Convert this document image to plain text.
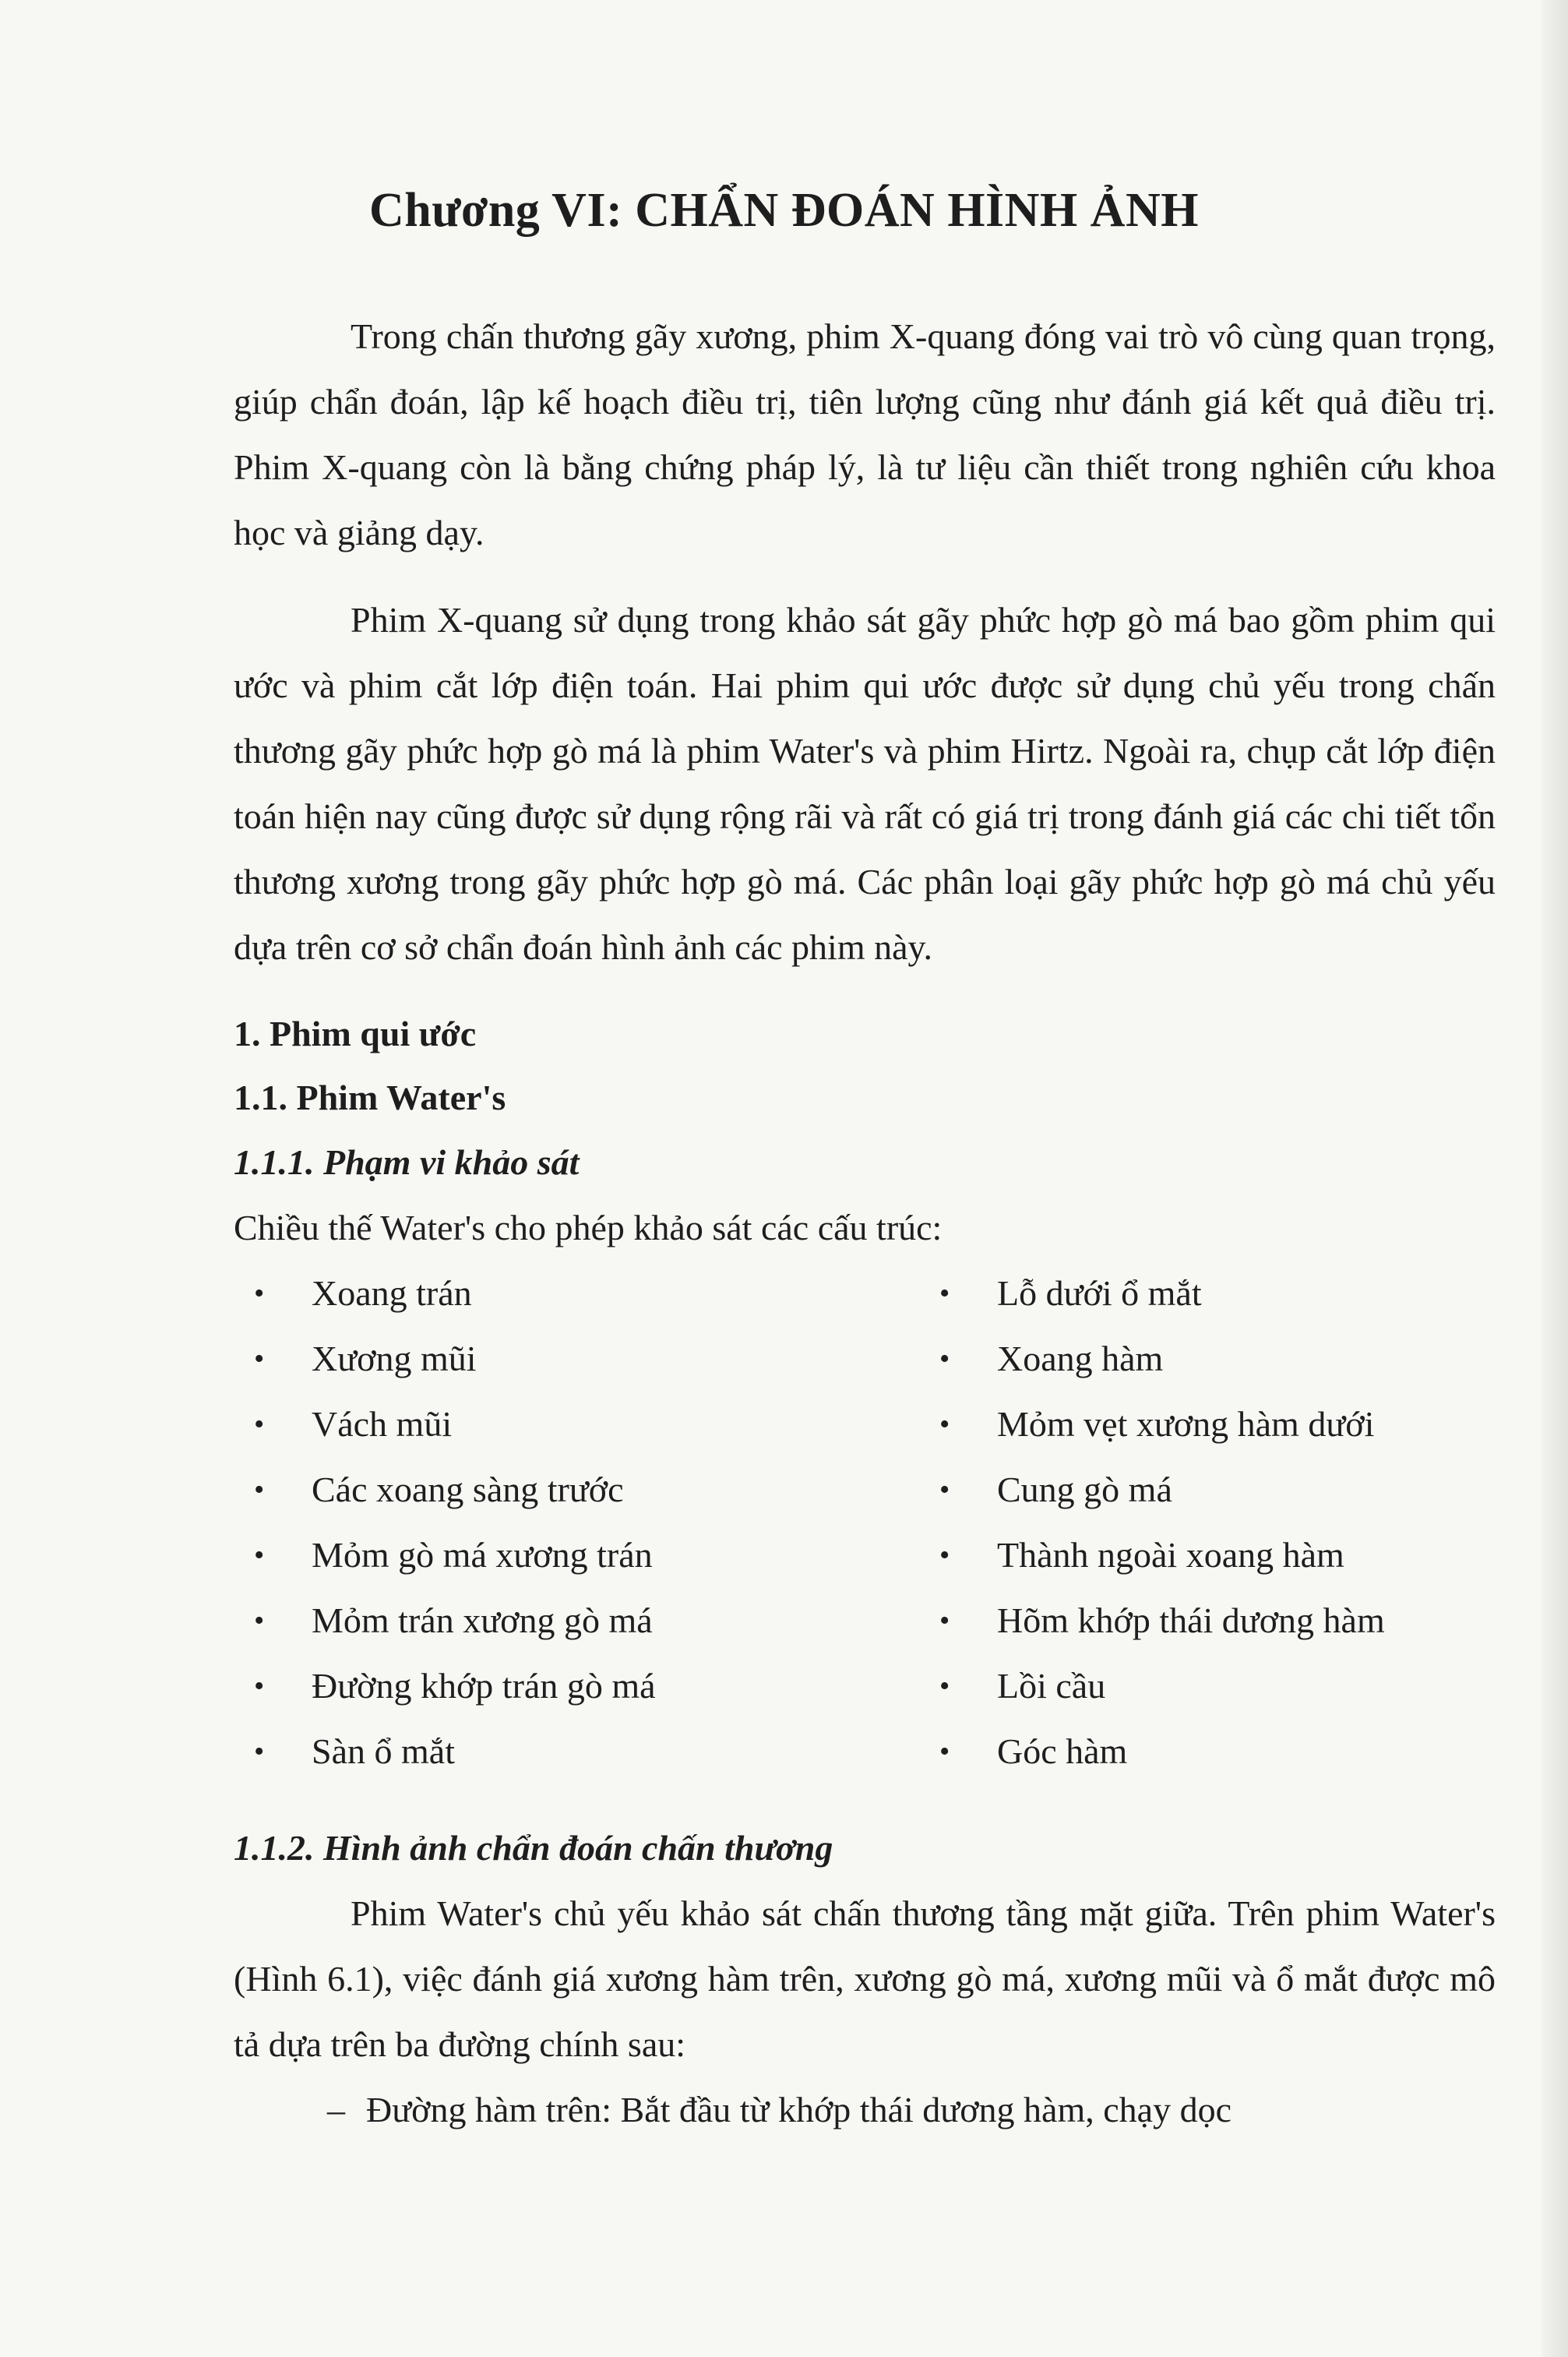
Chương VI: CHẨN ĐOÁN HÌNH ẢNH

Trong chấn thương gãy xương, phim X-quang đóng vai trò vô cùng quan trọng, giúp chẩn đoán, lập kế hoạch điều trị, tiên lượng cũng như đánh giá kết quả điều trị. Phim X-quang còn là bằng chứng pháp lý, là tư liệu cần thiết trong nghiên cứu khoa học và giảng dạy.

Phim X-quang sử dụng trong khảo sát gãy phức hợp gò má bao gồm phim qui ước và phim cắt lớp điện toán. Hai phim qui ước được sử dụng chủ yếu trong chấn thương gãy phức hợp gò má là phim Water's và phim Hirtz. Ngoài ra, chụp cắt lớp điện toán hiện nay cũng được sử dụng rộng rãi và rất có giá trị trong đánh giá các chi tiết tổn thương xương trong gãy phức hợp gò má. Các phân loại gãy phức hợp gò má chủ yếu dựa trên cơ sở chẩn đoán hình ảnh các phim này.

1. Phim qui ước

1.1. Phim Water's

1.1.1. Phạm vi khảo sát

Chiều thế Water's cho phép khảo sát các cấu trúc:

• Xoang trán	• Lỗ dưới ổ mắt
• Xương mũi	• Xoang hàm
• Vách mũi	• Mỏm vẹt xương hàm dưới
• Các xoang sàng trước	• Cung gò má
• Mỏm gò má xương trán	• Thành ngoài xoang hàm
• Mỏm trán xương gò má	• Hõm khớp thái dương hàm
• Đường khớp trán gò má	• Lồi cầu
• Sàn ổ mắt	• Góc hàm

1.1.2. Hình ảnh chẩn đoán chấn thương

Phim Water's chủ yếu khảo sát chấn thương tầng mặt giữa. Trên phim Water's (Hình 6.1), việc đánh giá xương hàm trên, xương gò má, xương mũi và ổ mắt được mô tả dựa trên ba đường chính sau:

– Đường hàm trên: Bắt đầu từ khớp thái dương hàm, chạy dọc
